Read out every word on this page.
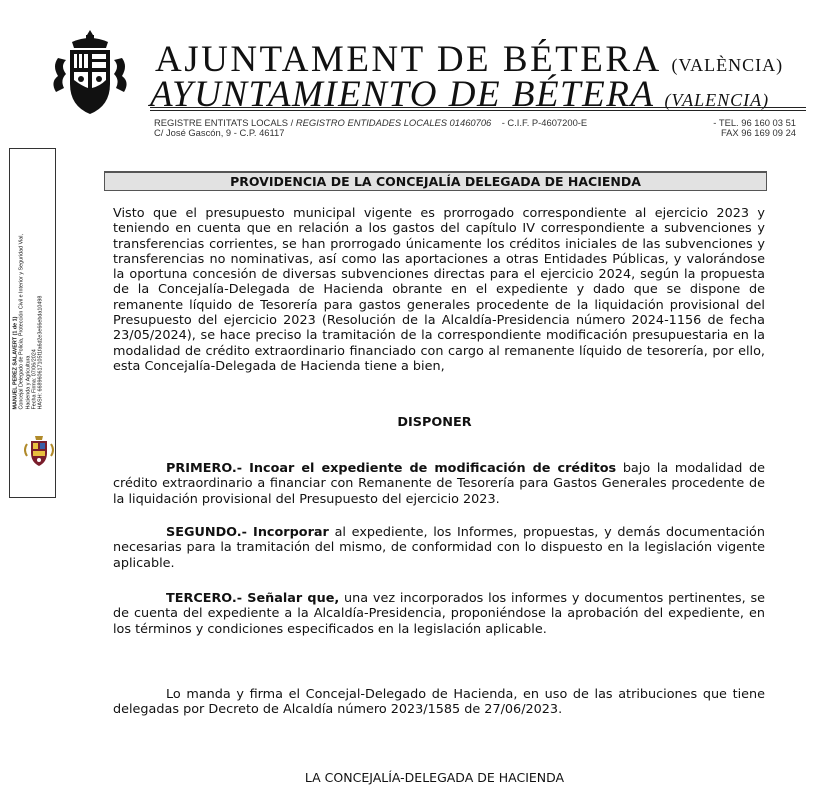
AJUNTAMENT DE BÉTERA (VALÈNCIA)
AYUNTAMIENTO DE BÉTERA (VALENCIA)
REGISTRE ENTITATS LOCALS / REGISTRO ENTIDADES LOCALES 01460706 - C.I.F. P-4607200-E	- TEL. 96 160 03 51
C/ José Gascón, 9 - C.P. 46117	FAX 96 169 09 24
MANUEL PEREZ SALAVERT (1 de 1) Concejal Delegado de Policia, Protección Civil e Interior y Seguridad Vial, Hacienda y Agricultura Fecha Firma: 07/06/2024 HASH: 668960617105f1fa6d2e3e66ebda10498
PROVIDENCIA DE LA CONCEJALÍA DELEGADA DE HACIENDA

Visto que el presupuesto municipal vigente es prorrogado correspondiente al ejercicio 2023 y teniendo en cuenta que en relación a los gastos del capítulo IV correspondiente a subvenciones y transferencias corrientes, se han prorrogado únicamente los créditos iniciales de las subvenciones y transferencias no nominativas, así como las aportaciones a otras Entidades Públicas, y valorándose la oportuna concesión de diversas subvenciones directas para el ejercicio 2024, según la propuesta de la Concejalía-Delegada de Hacienda obrante en el expediente y dado que se dispone de remanente líquido de Tesorería para gastos generales procedente de la liquidación provisional del Presupuesto del ejercicio 2023 (Resolución de la Alcaldía-Presidencia número 2024-1156 de fecha 23/05/2024), se hace preciso la tramitación de la correspondiente modificación presupuestaria en la modalidad de crédito extraordinario financiado con cargo al remanente líquido de tesorería, por ello, esta Concejalía-Delegada de Hacienda tiene a bien,

DISPONER

PRIMERO.- Incoar el expediente de modificación de créditos bajo la modalidad de crédito extraordinario a financiar con Remanente de Tesorería para Gastos Generales procedente de la liquidación provisional del Presupuesto del ejercicio 2023.

SEGUNDO.- Incorporar al expediente, los Informes, propuestas, y demás documentación necesarias para la tramitación del mismo, de conformidad con lo dispuesto en la legislación vigente aplicable.

TERCERO.- Señalar que, una vez incorporados los informes y documentos pertinentes, se de cuenta del expediente a la Alcaldía-Presidencia, proponiéndose la aprobación del expediente, en los términos y condiciones especificados en la legislación aplicable.

Lo manda y firma el Concejal-Delegado de Hacienda, en uso de las atribuciones que tiene delegadas por Decreto de Alcaldía número 2023/1585 de 27/06/2023.

LA CONCEJALÍA-DELEGADA DE HACIENDA
